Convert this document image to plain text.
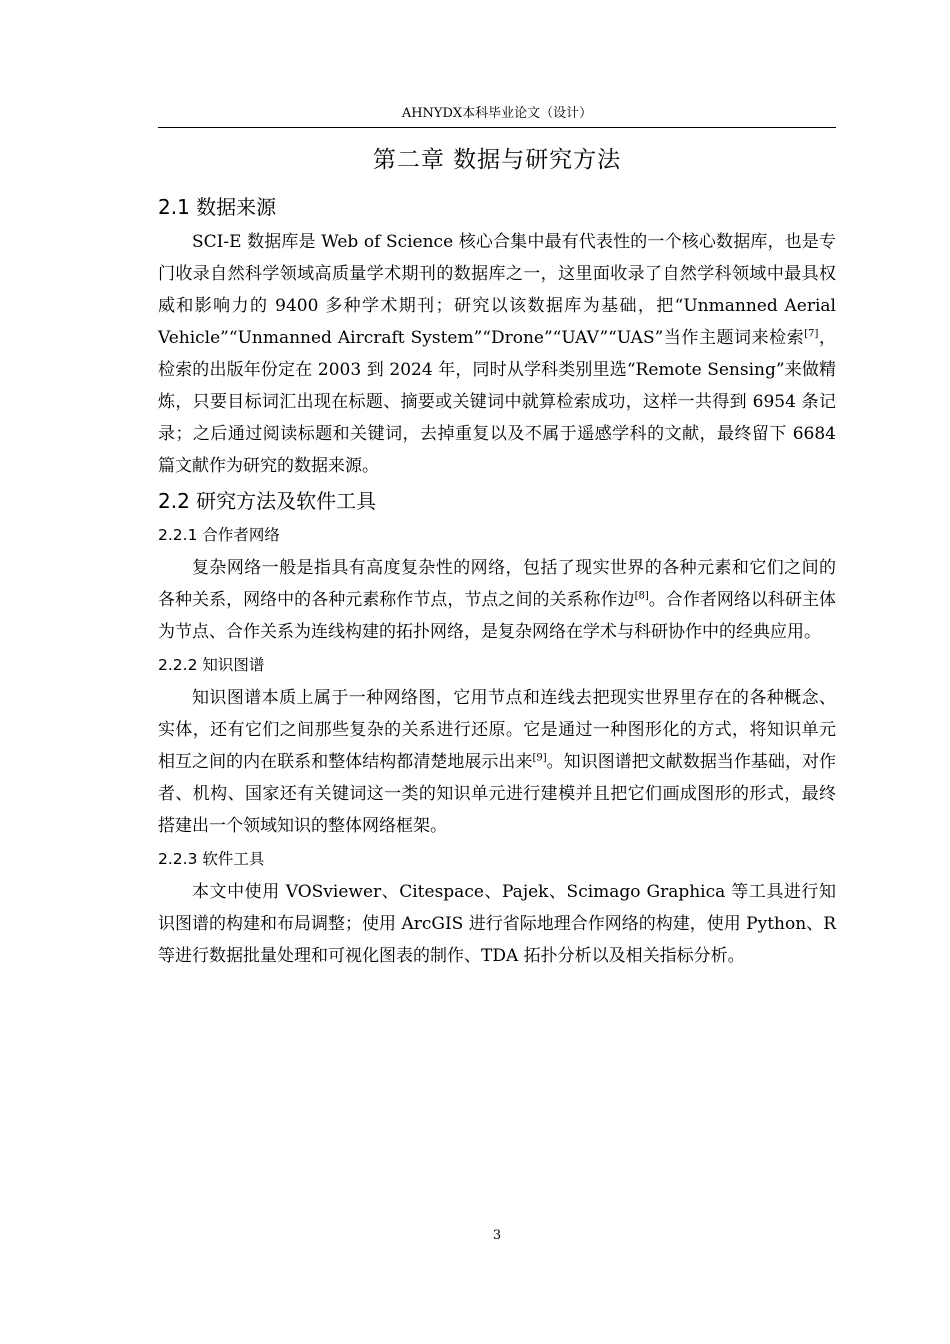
AHNYDX本科毕业论文（设计）
第二章 数据与研究方法
2.1 数据来源

SCI-E 数据库是 Web of Science 核心合集中最有代表性的一个核心数据库，也是专门收录自然科学领域高质量学术期刊的数据库之一，这里面收录了自然学科领域中最具权威和影响力的 9400 多种学术期刊；研究以该数据库为基础，把“Unmanned Aerial Vehicle”“Unmanned Aircraft System”“Drone”“UAV”“UAS”当作主题词来检索[7]，检索的出版年份定在 2003 到 2024 年，同时从学科类别里选“Remote Sensing”来做精炼，只要目标词汇出现在标题、摘要或关键词中就算检索成功，这样一共得到 6954 条记录；之后通过阅读标题和关键词，去掉重复以及不属于遥感学科的文献，最终留下 6684 篇文献作为研究的数据来源。

2.2 研究方法及软件工具
2.2.1 合作者网络

复杂网络一般是指具有高度复杂性的网络，包括了现实世界的各种元素和它们之间的各种关系，网络中的各种元素称作节点，节点之间的关系称作边[8]。合作者网络以科研主体为节点、合作关系为连线构建的拓扑网络，是复杂网络在学术与科研协作中的经典应用。

2.2.2 知识图谱

知识图谱本质上属于一种网络图，它用节点和连线去把现实世界里存在的各种概念、实体，还有它们之间那些复杂的关系进行还原。它是通过一种图形化的方式，将知识单元相互之间的内在联系和整体结构都清楚地展示出来[9]。知识图谱把文献数据当作基础，对作者、机构、国家还有关键词这一类的知识单元进行建模并且把它们画成图形的形式，最终搭建出一个领域知识的整体网络框架。

2.2.3 软件工具

本文中使用 VOSviewer、Citespace、Pajek、Scimago Graphica 等工具进行知识图谱的构建和布局调整；使用 ArcGIS 进行省际地理合作网络的构建，使用 Python、R 等进行数据批量处理和可视化图表的制作、TDA 拓扑分析以及相关指标分析。

3
